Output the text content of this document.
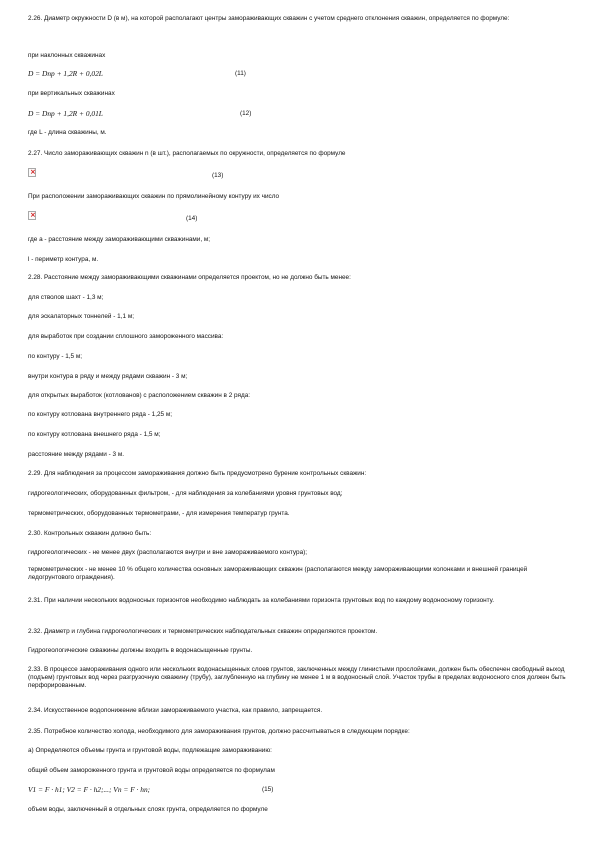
2.26. Диаметр окружности D (в м), на которой располагают центры замораживающих скважин с учетом среднего отклонения скважин, определяется по формуле:
при наклонных скважинах
D = Dпр + 1,2R + 0,02L	(11)
при вертикальных скважинах
D = Dпр + 1,2R + 0,01L	(12)
где L - длина скважины, м.
2.27. Число замораживающих скважин n (в шт.), располагаемых по окружности, определяется по формуле
×	(13)
При расположении замораживающих скважин по прямолинейному контуру их число
×	(14)
где a - расстояние между замораживающими скважинами, м;
l - периметр контура, м.
2.28. Расстояние между замораживающими скважинами определяется проектом, но не должно быть менее:
для стволов шахт - 1,3 м;
для эскалаторных тоннелей - 1,1 м;
для выработок при создании сплошного замороженного массива:
по контуру - 1,5 м;
внутри контура в ряду и между рядами скважин - 3 м;
для открытых выработок (котлованов) с расположением скважин в 2 ряда:
по контуру котлована внутреннего ряда - 1,25 м;
по контуру котлована внешнего ряда - 1,5 м;
расстояние между рядами - 3 м.
2.29. Для наблюдения за процессом замораживания должно быть предусмотрено бурение контрольных скважин:
гидрогеологических, оборудованных фильтром, - для наблюдения за колебаниями уровня грунтовых вод;
термометрических, оборудованных термометрами, - для измерения температур грунта.
2.30. Контрольных скважин должно быть:
гидрогеологических - не менее двух (располагаются внутри и вне замораживаемого контура);
термометрических - не менее 10 % общего количества основных замораживающих скважин (располагаются между замораживающими колонками и внешней границей ледогрунтового ограждения).
2.31. При наличии нескольких водоносных горизонтов необходимо наблюдать за колебаниями горизонта грунтовых вод по каждому водоносному горизонту.
2.32. Диаметр и глубина гидрогеологических и термометрических наблюдательных скважин определяются проектом.
Гидрогеологические скважины должны входить в водонасыщенные грунты.
2.33. В процессе замораживания одного или нескольких водонасыщенных слоев грунтов, заключенных между глинистыми прослойками, должен быть обеспечен свободный выход (подъем) грунтовых вод через разгрузочную скважину (трубу), заглубленную на глубину не менее 1 м в водоносный слой. Участок трубы в пределах водоносного слоя должен быть перфорированным.
2.34. Искусственное водопонижение вблизи замораживаемого участка, как правило, запрещается.
2.35. Потребное количество холода, необходимого для замораживания грунтов, должно рассчитываться в следующем порядке:
а) Определяются объемы грунта и грунтовой воды, подлежащие замораживанию:
общий объем замороженного грунта и грунтовой воды определяется по формулам
V1 = F · h1; V2 = F · h2;...; Vn = F · hn;	(15)
объем воды, заключенный в отдельных слоях грунта, определяется по формуле
